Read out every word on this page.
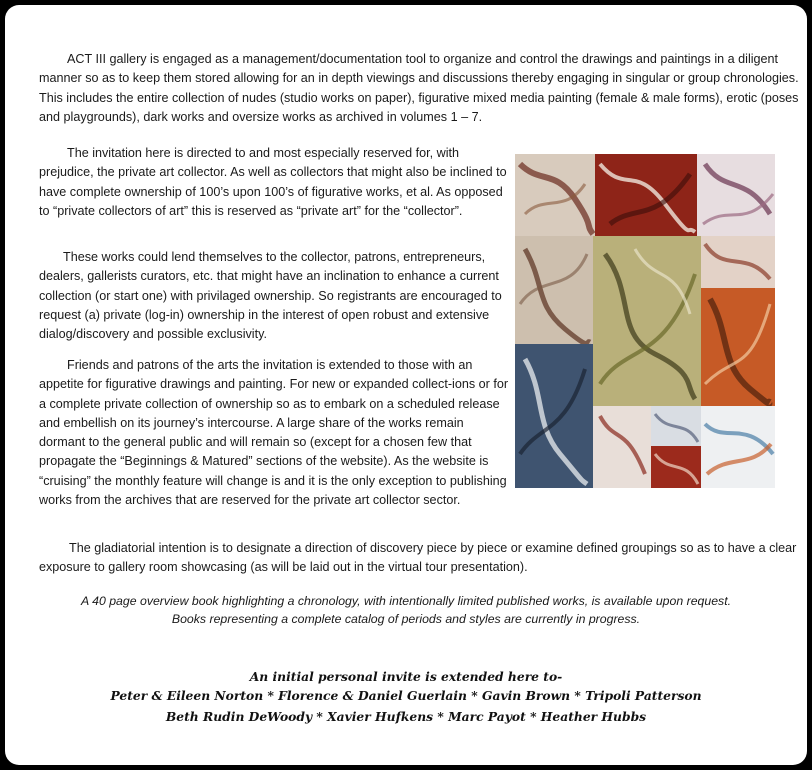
ACT III gallery is engaged as a management/documentation tool to organize and control the drawings and paintings in a diligent manner so as to keep them stored allowing for an in depth viewings and discussions thereby engaging in singular or group chronologies. This includes the entire collection of nudes (studio works on paper), figurative mixed media painting (female & male forms), erotic (poses and playgrounds), dark works and oversize works as archived in volumes 1 – 7.

The invitation here is directed to and most especially reserved for, with prejudice, the private art collector. As well as collectors that might also be inclined to have complete ownership of 100’s upon 100’s of figurative works, et al. As opposed to “private collectors of art” this is reserved as “private art” for the “collector”.

These works could lend themselves to the collector, patrons, entrepreneurs, dealers, gallerists curators, etc. that might have an inclination to enhance a current collection (or start one) with privilaged ownership. So registrants are encouraged to request (a) private (log-in) ownership in the interest of open robust and extensive dialog/discovery and possible exclusivity.

Friends and patrons of the arts the invitation is extended to those with an appetite for figurative drawings and painting. For new or expanded collect-ions or for a complete private collection of ownership so as to embark on a scheduled release and embellish on its journey’s intercourse. A large share of the works remain dormant to the general public and will remain so (except for a chosen few that propagate the “Beginnings & Matured” sections of the website). As the website is “cruising” the monthly feature will change is and it is the only exception to publishing works from the archives that are reserved for the private art collector sector.

The gladiatorial intention is to designate a direction of discovery piece by piece or examine defined groupings so as to have a clear exposure to gallery room showcasing (as will be laid out in the virtual tour presentation).

A 40 page overview book highlighting a chronology, with intentionally limited published works, is available upon request.
Books representing a complete catalog of periods and styles are currently in progress.
An initial personal invite is extended here to-
Peter & Eileen Norton * Florence & Daniel Guerlain * Gavin Brown * Tripoli Patterson
Beth Rudin DeWoody * Xavier Hufkens * Marc Payot * Heather Hubbs
